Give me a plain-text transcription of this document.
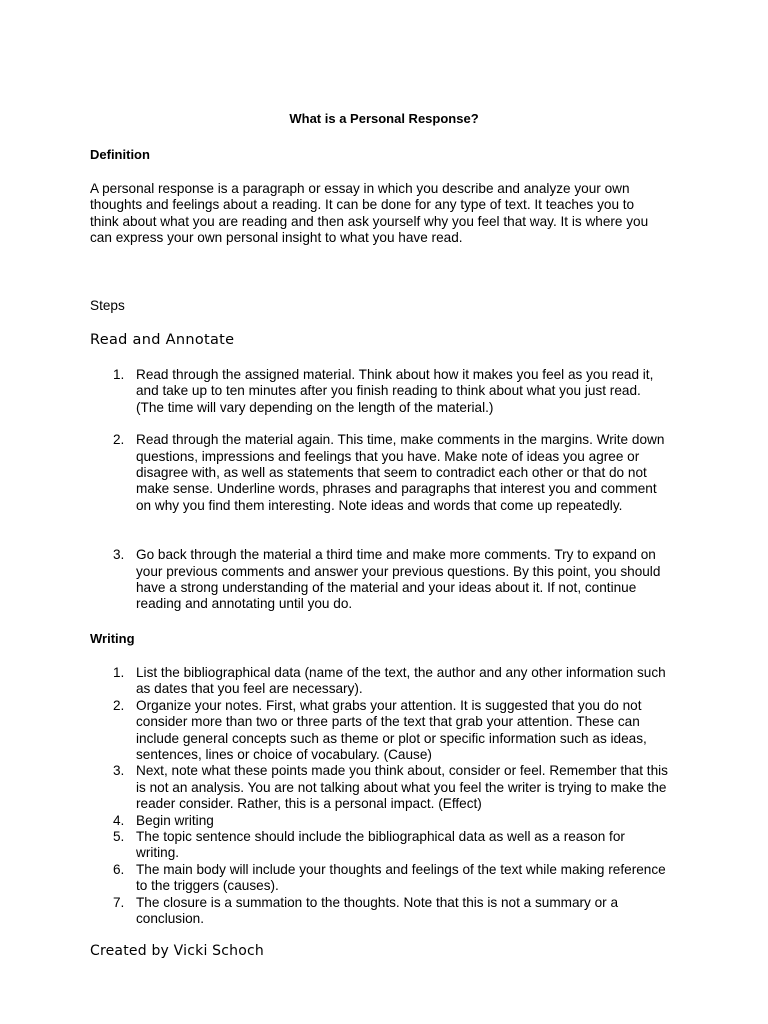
What is a Personal Response?
Definition

A personal response is a paragraph or essay in which you describe and analyze your own

thoughts and feelings about a reading. It can be done for any type of text. It teaches you to

think about what you are reading and then ask yourself why you feel that way. It is where you

can express your own personal insight to what you have read.

Steps
Read and Annotate
1. Read through the assigned material. Think about how it makes you feel as you read it,
and take up to ten minutes after you finish reading to think about what you just read.
(The time will vary depending on the length of the material.)
2. Read through the material again. This time, make comments in the margins. Write down
questions, impressions and feelings that you have. Make note of ideas you agree or
disagree with, as well as statements that seem to contradict each other or that do not
make sense. Underline words, phrases and paragraphs that interest you and comment
on why you find them interesting. Note ideas and words that come up repeatedly.
3. Go back through the material a third time and make more comments. Try to expand on
your previous comments and answer your previous questions. By this point, you should
have a strong understanding of the material and your ideas about it. If not, continue
reading and annotating until you do.
Writing
1. List the bibliographical data (name of the text, the author and any other information such
as dates that you feel are necessary).
2. Organize your notes. First, what grabs your attention. It is suggested that you do not
consider more than two or three parts of the text that grab your attention. These can
include general concepts such as theme or plot or specific information such as ideas,
sentences, lines or choice of vocabulary. (Cause)
3. Next, note what these points made you think about, consider or feel. Remember that this
is not an analysis. You are not talking about what you feel the writer is trying to make the
reader consider. Rather, this is a personal impact. (Effect)
4. Begin writing
5. The topic sentence should include the bibliographical data as well as a reason for
writing.
6. The main body will include your thoughts and feelings of the text while making reference
to the triggers (causes).
7. The closure is a summation to the thoughts. Note that this is not a summary or a
conclusion.
Created by Vicki Schoch
